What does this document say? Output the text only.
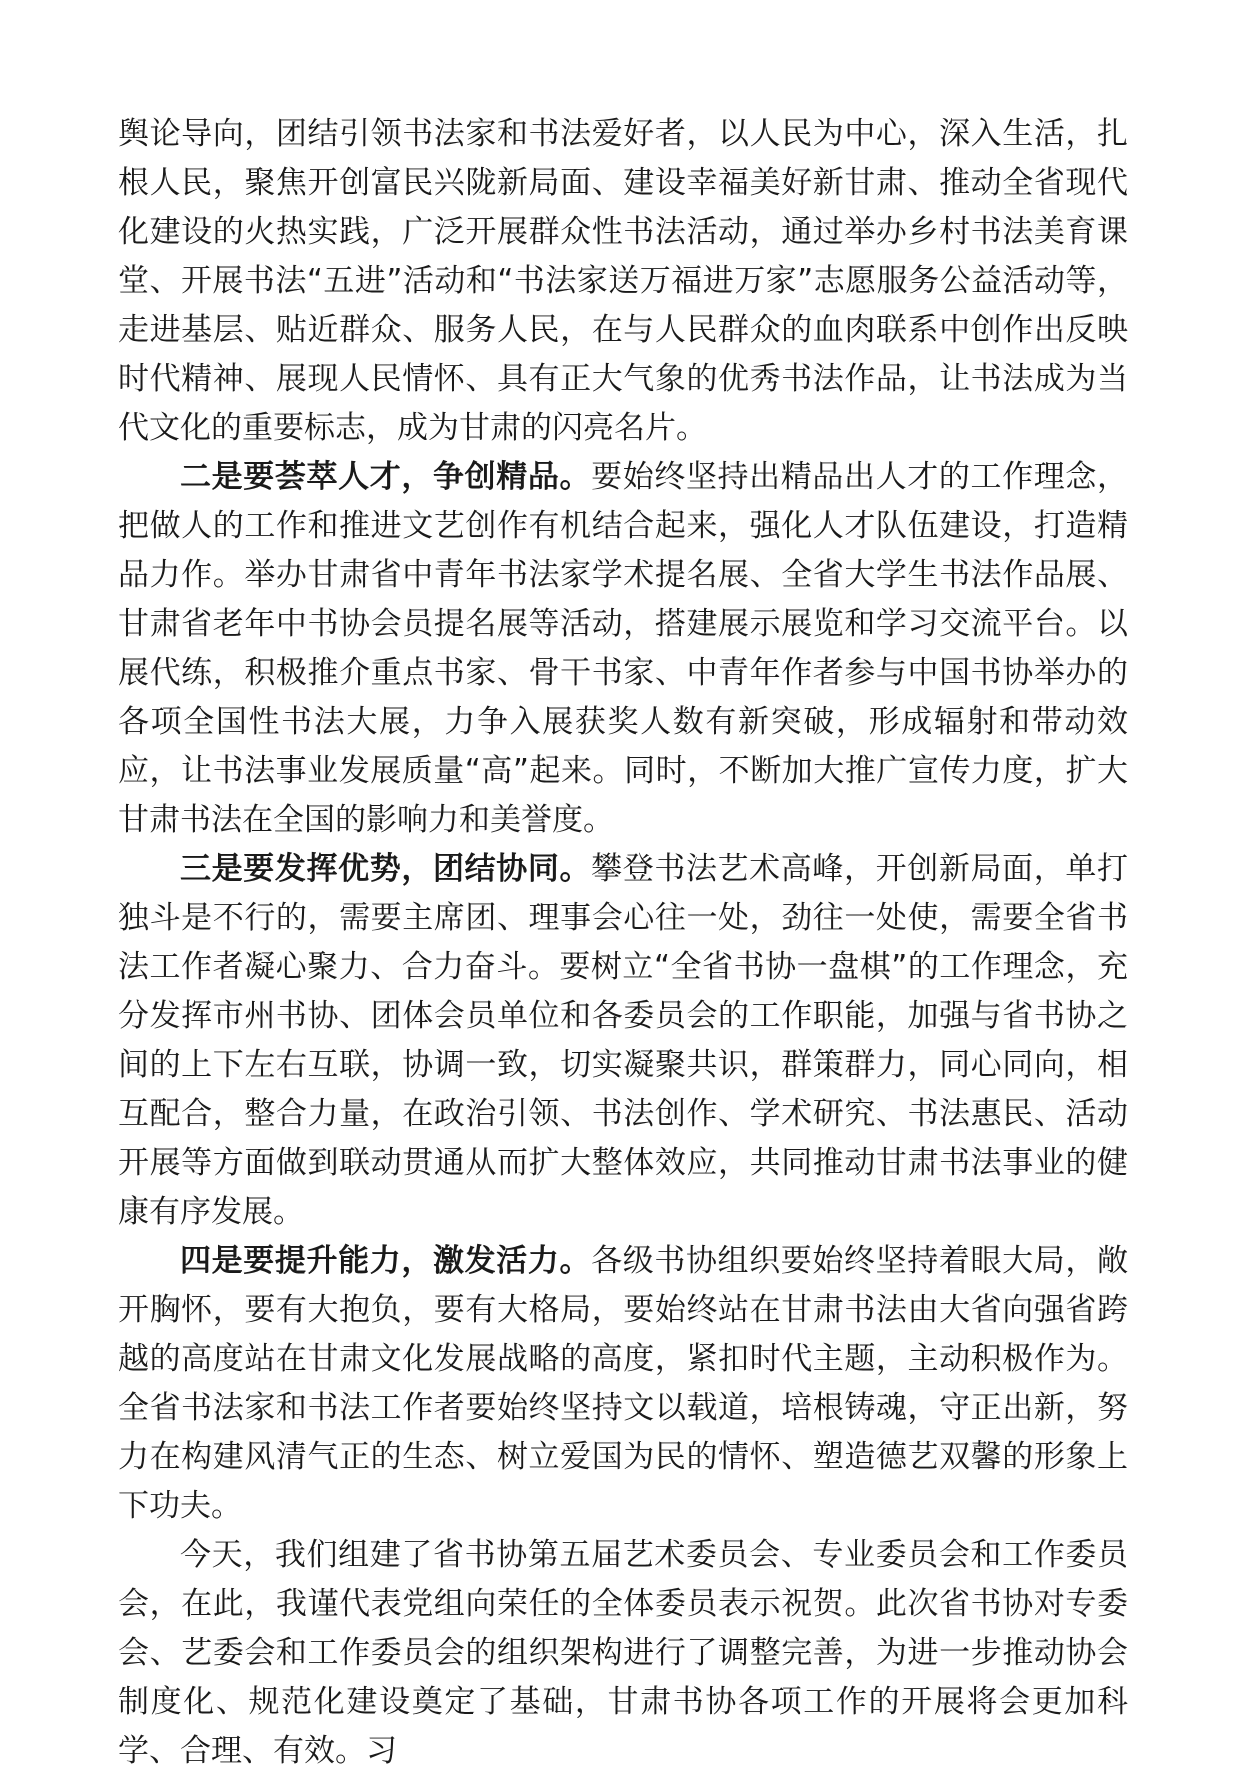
舆论导向，团结引领书法家和书法爱好者，以人民为中心，深入生活，扎根人民，聚焦开创富民兴陇新局面、建设幸福美好新甘肃、推动全省现代化建设的火热实践，广泛开展群众性书法活动，通过举办乡村书法美育课堂、开展书法“五进”活动和“书法家送万福进万家”志愿服务公益活动等，走进基层、贴近群众、服务人民，在与人民群众的血肉联系中创作出反映时代精神、展现人民情怀、具有正大气象的优秀书法作品，让书法成为当代文化的重要标志，成为甘肃的闪亮名片。

二是要荟萃人才，争创精品。要始终坚持出精品出人才的工作理念，把做人的工作和推进文艺创作有机结合起来，强化人才队伍建设，打造精品力作。举办甘肃省中青年书法家学术提名展、全省大学生书法作品展、甘肃省老年中书协会员提名展等活动，搭建展示展览和学习交流平台。以展代练，积极推介重点书家、骨干书家、中青年作者参与中国书协举办的各项全国性书法大展，力争入展获奖人数有新突破，形成辐射和带动效应，让书法事业发展质量“高”起来。同时，不断加大推广宣传力度，扩大甘肃书法在全国的影响力和美誉度。

三是要发挥优势，团结协同。攀登书法艺术高峰，开创新局面，单打独斗是不行的，需要主席团、理事会心往一处，劲往一处使，需要全省书法工作者凝心聚力、合力奋斗。要树立“全省书协一盘棋”的工作理念，充分发挥市州书协、团体会员单位和各委员会的工作职能，加强与省书协之间的上下左右互联，协调一致，切实凝聚共识，群策群力，同心同向，相互配合，整合力量，在政治引领、书法创作、学术研究、书法惠民、活动开展等方面做到联动贯通从而扩大整体效应，共同推动甘肃书法事业的健康有序发展。

四是要提升能力，激发活力。各级书协组织要始终坚持着眼大局，敞开胸怀，要有大抱负，要有大格局，要始终站在甘肃书法由大省向强省跨越的高度站在甘肃文化发展战略的高度，紧扣时代主题，主动积极作为。全省书法家和书法工作者要始终坚持文以载道，培根铸魂，守正出新，努力在构建风清气正的生态、树立爱国为民的情怀、塑造德艺双馨的形象上下功夫。

今天，我们组建了省书协第五届艺术委员会、专业委员会和工作委员会，在此，我谨代表党组向荣任的全体委员表示祝贺。此次省书协对专委会、艺委会和工作委员会的组织架构进行了调整完善，为进一步推动协会制度化、规范化建设奠定了基础，甘肃书协各项工作的开展将会更加科学、合理、有效。习
